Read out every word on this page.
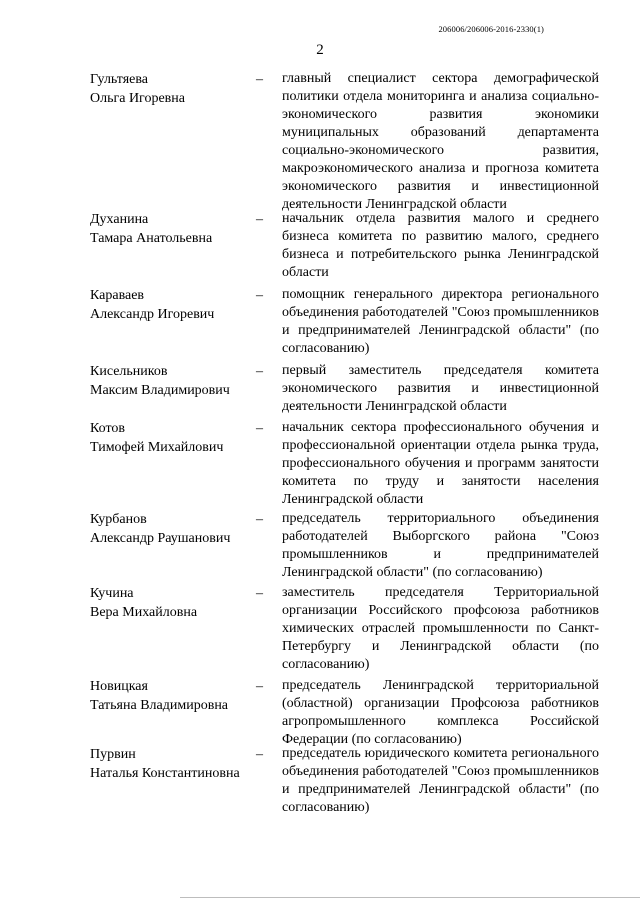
206006/206006-2016-2330(1)
2
Гультяева
Ольга Игоревна
– главный специалист сектора демографической политики отдела мониторинга и анализа социально-экономического развития экономики муниципальных образований департамента социально-экономического развития, макроэкономического анализа и прогноза комитета экономического развития и инвестиционной деятельности Ленинградской области
Духанина
Тамара Анатольевна
– начальник отдела развития малого и среднего бизнеса комитета по развитию малого, среднего бизнеса и потребительского рынка Ленинградской области
Караваев
Александр Игоревич
– помощник генерального директора регионального объединения работодателей "Союз промышленников и предпринимателей Ленинградской области" (по согласованию)
Кисельников
Максим Владимирович
– первый заместитель председателя комитета экономического развития и инвестиционной деятельности Ленинградской области
Котов
Тимофей Михайлович
– начальник сектора профессионального обучения и профессиональной ориентации отдела рынка труда, профессионального обучения и программ занятости комитета по труду и занятости населения Ленинградской области
Курбанов
Александр Раушанович
– председатель территориального объединения работодателей Выборгского района "Союз промышленников и предпринимателей Ленинградской области" (по согласованию)
Кучина
Вера Михайловна
– заместитель председателя Территориальной организации Российского профсоюза работников химических отраслей промышленности по Санкт-Петербургу и Ленинградской области (по согласованию)
Новицкая
Татьяна Владимировна
– председатель Ленинградской территориальной (областной) организации Профсоюза работников агропромышленного комплекса Российской Федерации (по согласованию)
Пурвин
Наталья Константиновна
– председатель юридического комитета регионального объединения работодателей "Союз промышленников и предпринимателей Ленинградской области" (по согласованию)
